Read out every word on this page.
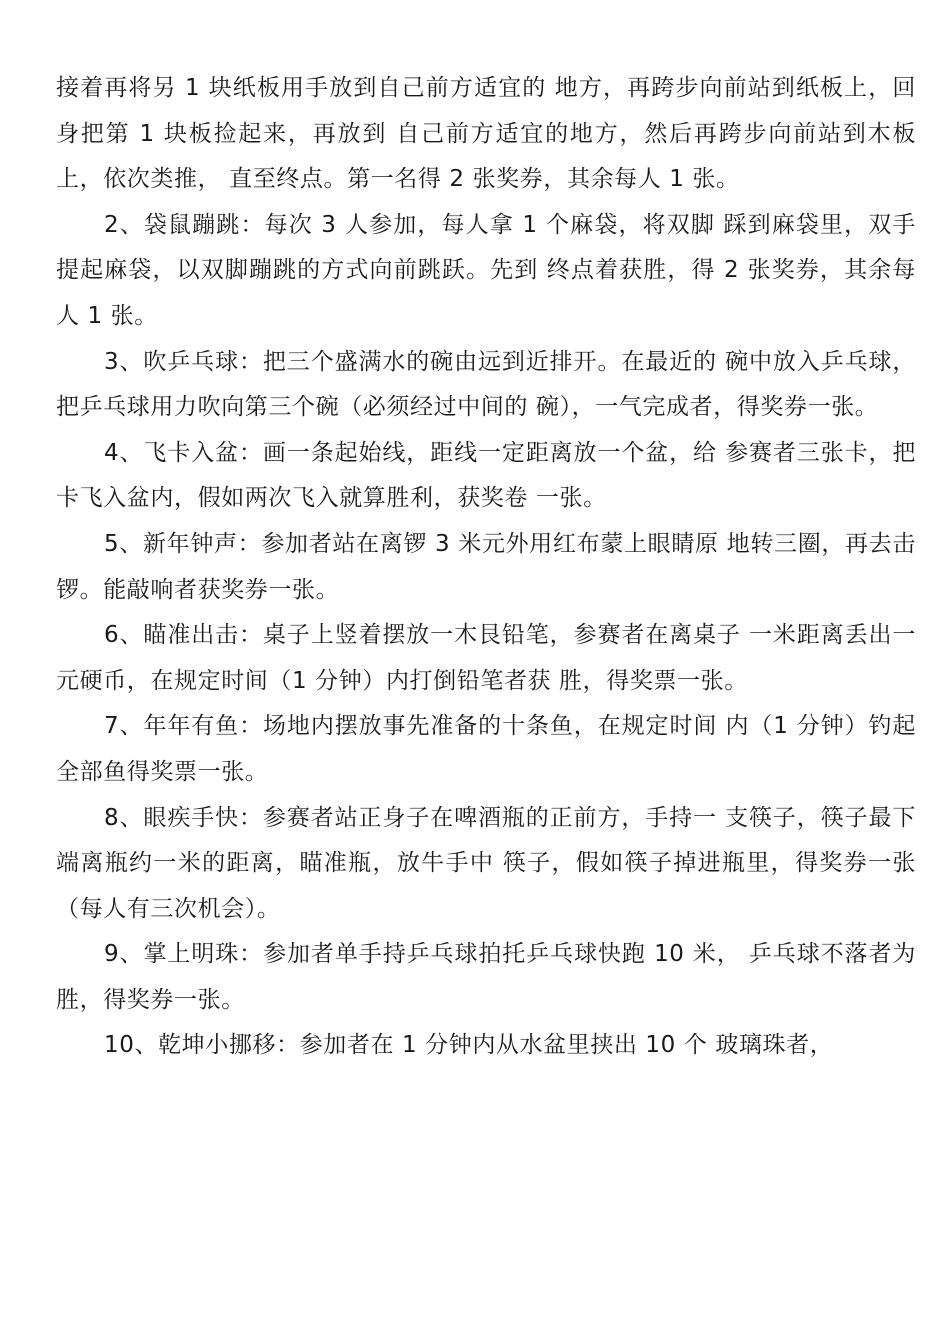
接着再将另 1 块纸板用手放到自己前方适宜的 地方，再跨步向前站到纸板上，回身把第 1 块板捡起来，再放到 自己前方适宜的地方，然后再跨步向前站到木板上，依次类推， 直至终点。第一名得 2 张奖券，其余每人 1 张。

2、袋鼠蹦跳：每次 3 人参加，每人拿 1 个麻袋，将双脚 踩到麻袋里，双手提起麻袋，以双脚蹦跳的方式向前跳跃。先到 终点着获胜，得 2 张奖券，其余每人 1 张。

3、吹乒乓球：把三个盛满水的碗由远到近排开。在最近的 碗中放入乒乓球，把乒乓球用力吹向第三个碗（必须经过中间的 碗），一气完成者，得奖券一张。

4、飞卡入盆：画一条起始线，距线一定距离放一个盆，给 参赛者三张卡，把卡飞入盆内，假如两次飞入就算胜利，获奖卷 一张。

5、新年钟声：参加者站在离锣 3 米元外用红布蒙上眼睛原 地转三圈，再去击锣。能敲响者获奖券一张。

6、瞄准出击：桌子上竖着摆放一木艮铅笔，参赛者在离桌子 一米距离丢出一元硬币，在规定时间（1 分钟）内打倒铅笔者获 胜，得奖票一张。

7、年年有鱼：场地内摆放事先准备的十条鱼，在规定时间 内（1 分钟）钓起全部鱼得奖票一张。

8、眼疾手快：参赛者站正身子在啤酒瓶的正前方，手持一 支筷子，筷子最下端离瓶约一米的距离，瞄准瓶，放牛手中 筷子，假如筷子掉进瓶里，得奖券一张（每人有三次机会）。

9、掌上明珠：参加者单手持乒乓球拍托乒乓球快跑 10 米， 乒乓球不落者为胜，得奖券一张。

10、乾坤小挪移：参加者在 1 分钟内从水盆里挟出 10 个 玻璃珠者，
